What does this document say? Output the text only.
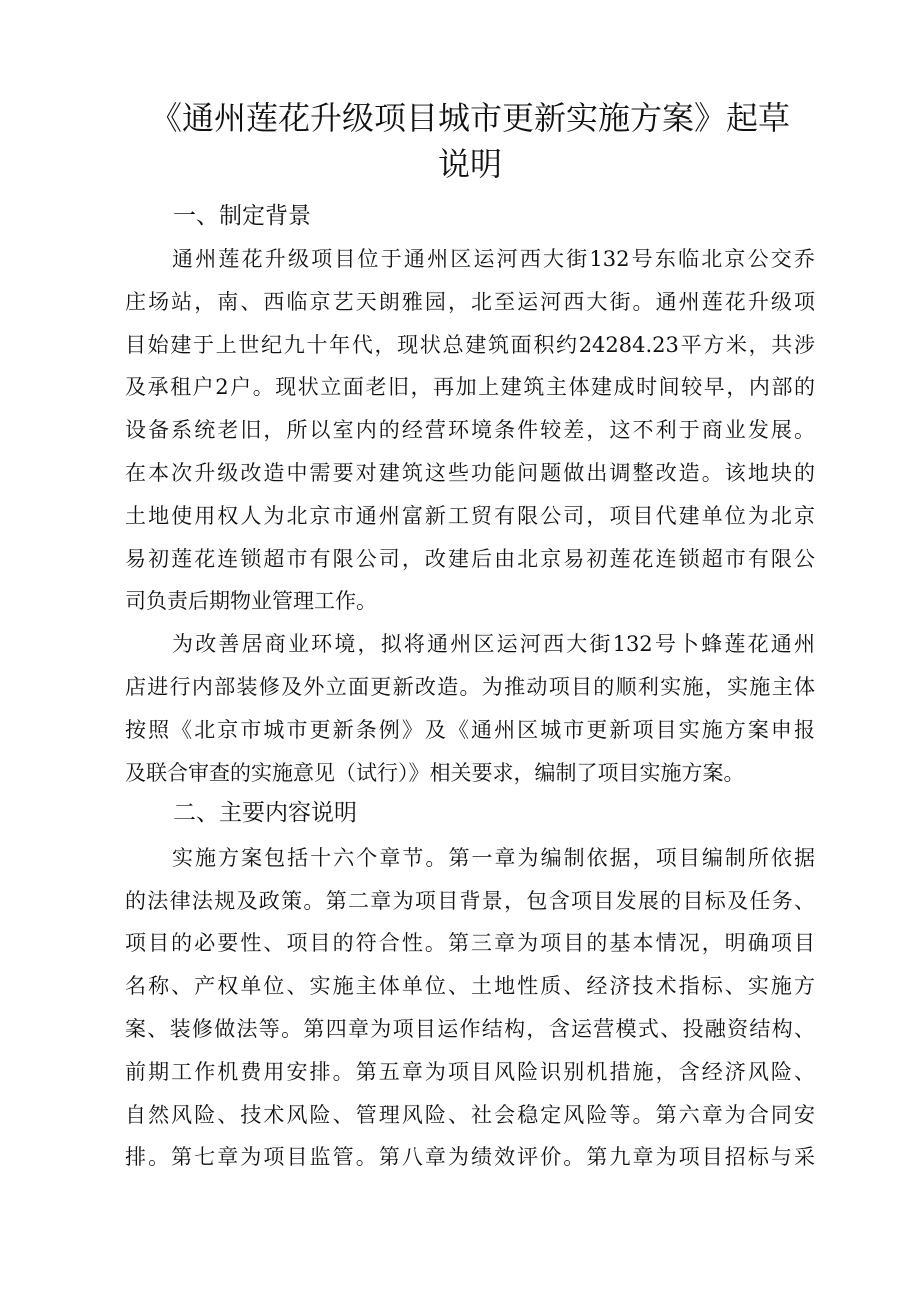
《通州莲花升级项目城市更新实施方案》起草
说明
一、制定背景
通州莲花升级项目位于通州区运河西大街132号东临北京公交乔
庄场站，南、西临京艺天朗雅园，北至运河西大街。通州莲花升级项
目始建于上世纪九十年代，现状总建筑面积约24284.23平方米，共涉
及承租户2户。现状立面老旧，再加上建筑主体建成时间较早，内部的
设备系统老旧，所以室内的经营环境条件较差，这不利于商业发展。
在本次升级改造中需要对建筑这些功能问题做出调整改造。该地块的
土地使用权人为北京市通州富新工贸有限公司，项目代建单位为北京
易初莲花连锁超市有限公司，改建后由北京易初莲花连锁超市有限公
司负责后期物业管理工作。
为改善居商业环境，拟将通州区运河西大街132号卜蜂莲花通州
店进行内部装修及外立面更新改造。为推动项目的顺利实施，实施主体
按照《北京市城市更新条例》及《通州区城市更新项目实施方案申报
及联合审查的实施意见（试行）》相关要求，编制了项目实施方案。
二、主要内容说明
实施方案包括十六个章节。第一章为编制依据，项目编制所依据
的法律法规及政策。第二章为项目背景，包含项目发展的目标及任务、
项目的必要性、项目的符合性。第三章为项目的基本情况，明确项目
名称、产权单位、实施主体单位、土地性质、经济技术指标、实施方
案、装修做法等。第四章为项目运作结构，含运营模式、投融资结构、
前期工作机费用安排。第五章为项目风险识别机措施，含经济风险、
自然风险、技术风险、管理风险、社会稳定风险等。第六章为合同安
排。第七章为项目监管。第八章为绩效评价。第九章为项目招标与采
